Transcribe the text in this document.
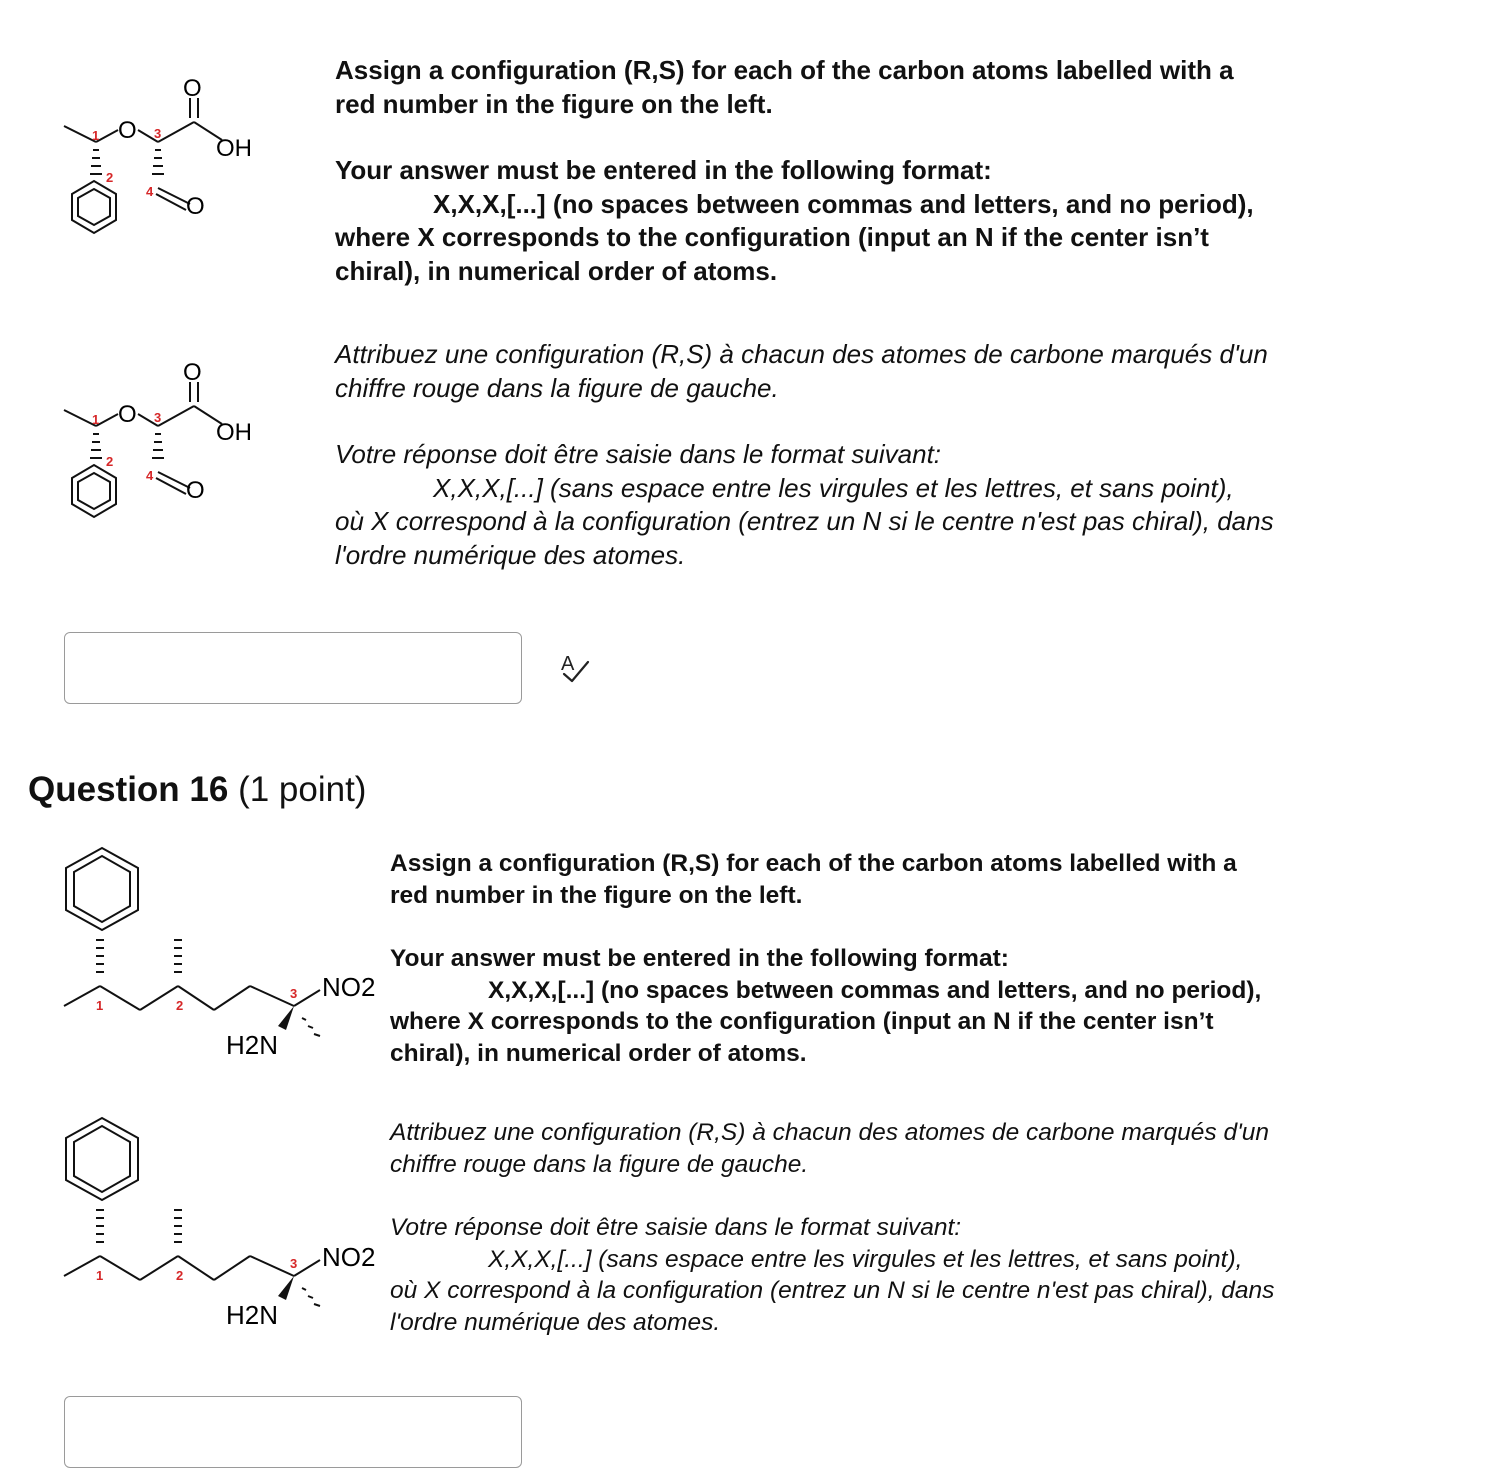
O
O
OH
O
1
2
3
4

Assign a configuration (R,S) for each of the carbon atoms labelled with a

red number in the figure on the left.

Your answer must be entered in the following format:

X,X,X,[...] (no spaces between commas and letters, and no period),

where X corresponds to the configuration (input an N if the center isn’t

chiral), in numerical order of atoms.

O
O
OH
O
1
2
3
4

Attribuez une configuration (R,S) à chacun des atomes de carbone marqués d'un

chiffre rouge dans la figure de gauche.

Votre réponse doit être saisie dans le format suivant:

X,X,X,[...] (sans espace entre les virgules et les lettres, et sans point),

où X correspond à la configuration (entrez un N si le centre n'est pas chiral), dans

l'ordre numérique des atomes.

A
Question 16 (1 point)
NO2
H2N
1	2
3

Assign a configuration (R,S) for each of the carbon atoms labelled with a

red number in the figure on the left.

Your answer must be entered in the following format:

X,X,X,[...] (no spaces between commas and letters, and no period),

where X corresponds to the configuration (input an N if the center isn’t

chiral), in numerical order of atoms.

NO2
H2N
1	2
3

Attribuez une configuration (R,S) à chacun des atomes de carbone marqués d'un

chiffre rouge dans la figure de gauche.

Votre réponse doit être saisie dans le format suivant:

X,X,X,[...] (sans espace entre les virgules et les lettres, et sans point),

où X correspond à la configuration (entrez un N si le centre n'est pas chiral), dans

l'ordre numérique des atomes.
